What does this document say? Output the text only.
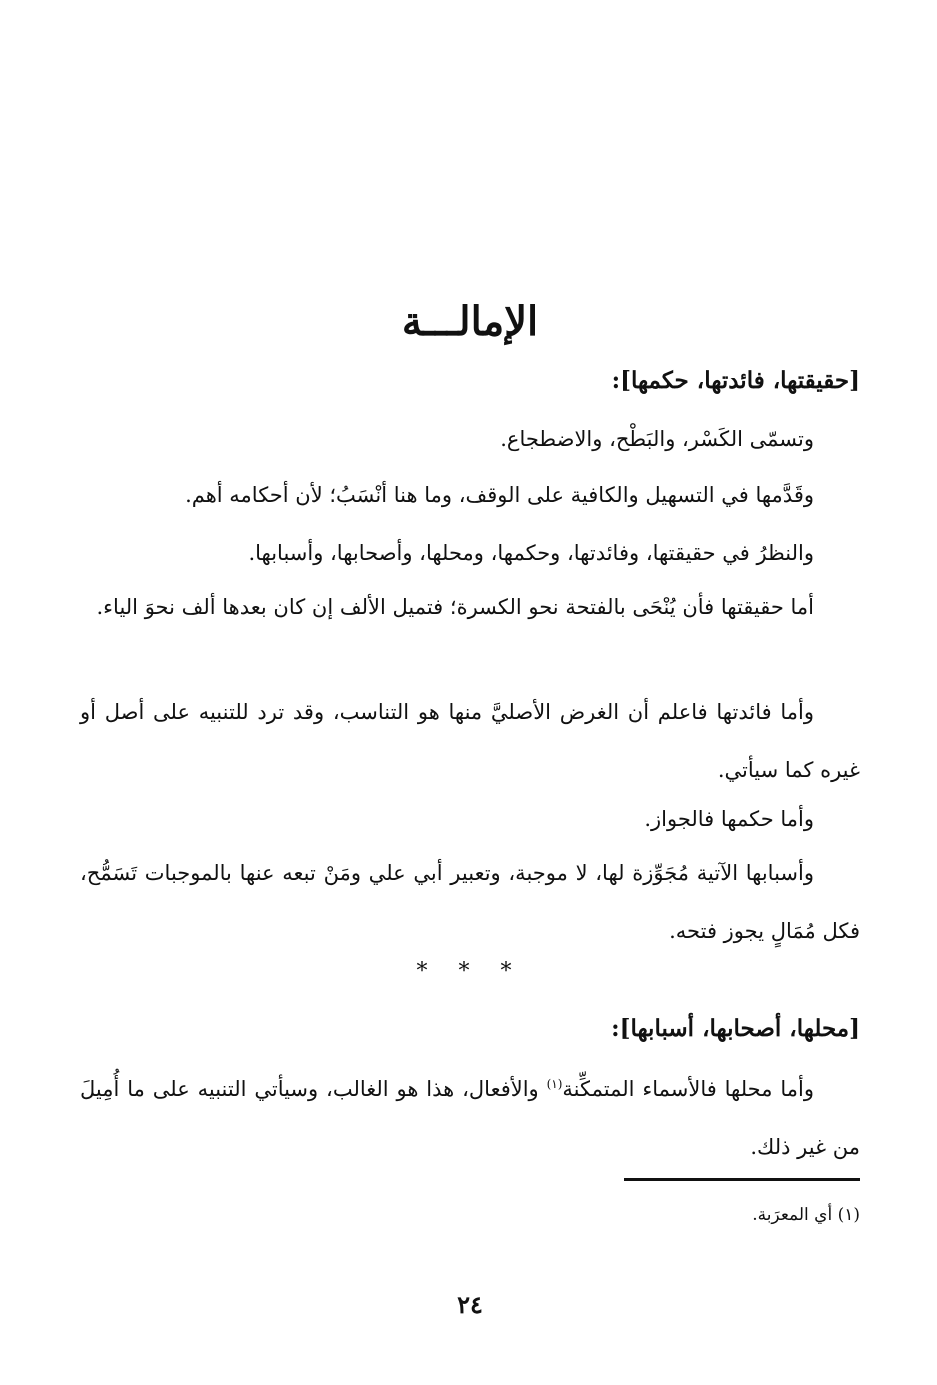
الإمالـــة
[حقيقتها، فائدتها، حكمها]:

وتسمّى الكَسْر، والبَطْح، والاضطجاع.

وقَدَّمها في التسهيل والكافية على الوقف، وما هنا أنْسَبُ؛ لأن أحكامه أهم.

والنظرُ في حقيقتها، وفائدتها، وحكمها، ومحلها، وأصحابها، وأسبابها.

أما حقيقتها فأن يُنْحَى بالفتحة نحو الكسرة؛ فتميل الألف إن كان بعدها ألف نحوَ الياء.

وأما فائدتها فاعلم أن الغرض الأصليَّ منها هو التناسب، وقد ترد للتنبيه على أصل أو غيره كما سيأتي.

وأما حكمها فالجواز.

وأسبابها الآتية مُجَوِّزة لها، لا موجبة، وتعبير أبي علي ومَنْ تبعه عنها بالموجبات تَسَمُّح، فكل مُمَالٍ يجوز فتحه.

* * *
[محلها، أصحابها، أسبابها]:

وأما محلها فالأسماء المتمكِّنة$^{(١)}$ والأفعال، هذا هو الغالب، وسيأتي التنبيه على ما أُمِيلَ من غير ذلك.

(١) أي المعرَبة.

٢٤
